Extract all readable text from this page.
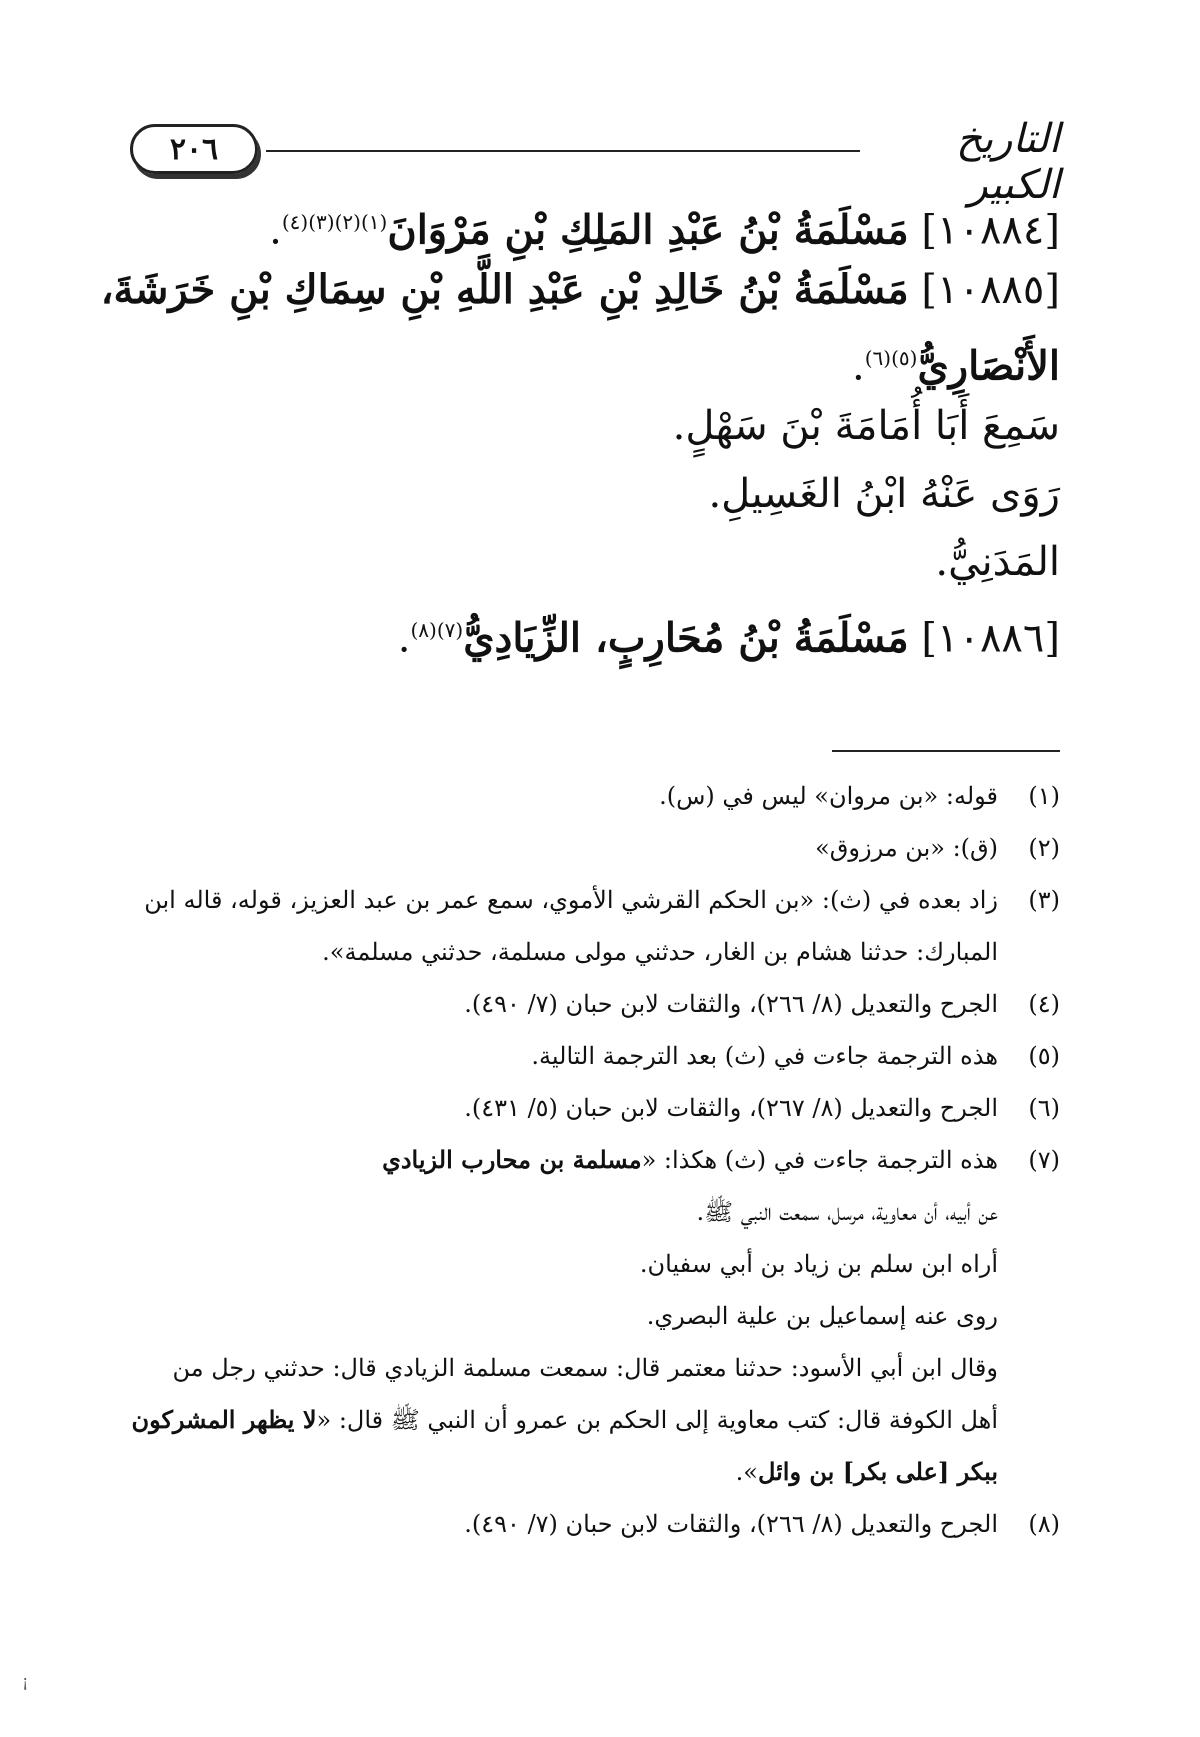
٢٠٦	التاريخ الكبير
[١٠٨٨٤] مَسْلَمَةُ بْنُ عَبْدِ المَلِكِ بْنِ مَرْوَانَ$^{(١)(٢)(٣)(٤)}$.
[١٠٨٨٥] مَسْلَمَةُ بْنُ خَالِدِ بْنِ عَبْدِ اللَّهِ بْنِ سِمَاكِ بْنِ خَرَشَةَ،
الأَنْصَارِيُّ$^{(٥)(٦)}$.
سَمِعَ أَبَا أُمَامَةَ بْنَ سَهْلٍ.
رَوَى عَنْهُ ابْنُ الغَسِيلِ.
المَدَنِيُّ.
[١٠٨٨٦] مَسْلَمَةُ بْنُ مُحَارِبٍ، الزِّيَادِيُّ$^{(٧)(٨)}$.
(١)
قوله: «بن مروان» ليس في (س).
(٢)
(ق): «بن مرزوق»
(٣)
زاد بعده في (ث): «بن الحكم القرشي الأموي، سمع عمر بن عبد العزيز، قوله، قاله ابن
المبارك: حدثنا هشام بن الغار، حدثني مولى مسلمة، حدثني مسلمة».
(٤)
الجرح والتعديل (٨/ ٢٦٦)، والثقات لابن حبان (٧/ ٤٩٠).
(٥)
هذه الترجمة جاءت في (ث) بعد الترجمة التالية.
(٦)
الجرح والتعديل (٨/ ٢٦٧)، والثقات لابن حبان (٥/ ٤٣١).
(٧)
هذه الترجمة جاءت في (ث) هكذا: «مسلمة بن محارب الزيادي
عن أبيه، أن معاوية، مرسل، سمعت النبي ﷺ.
أراه ابن سلم بن زياد بن أبي سفيان.
روى عنه إسماعيل بن علية البصري.
وقال ابن أبي الأسود: حدثنا معتمر قال: سمعت مسلمة الزيادي قال: حدثني رجل من
أهل الكوفة قال: كتب معاوية إلى الحكم بن عمرو أن النبي ﷺ قال: «لا يظهر المشركون
ببكر [على بكر] بن وائل».
(٨)
الجرح والتعديل (٨/ ٢٦٦)، والثقات لابن حبان (٧/ ٤٩٠).
¡
